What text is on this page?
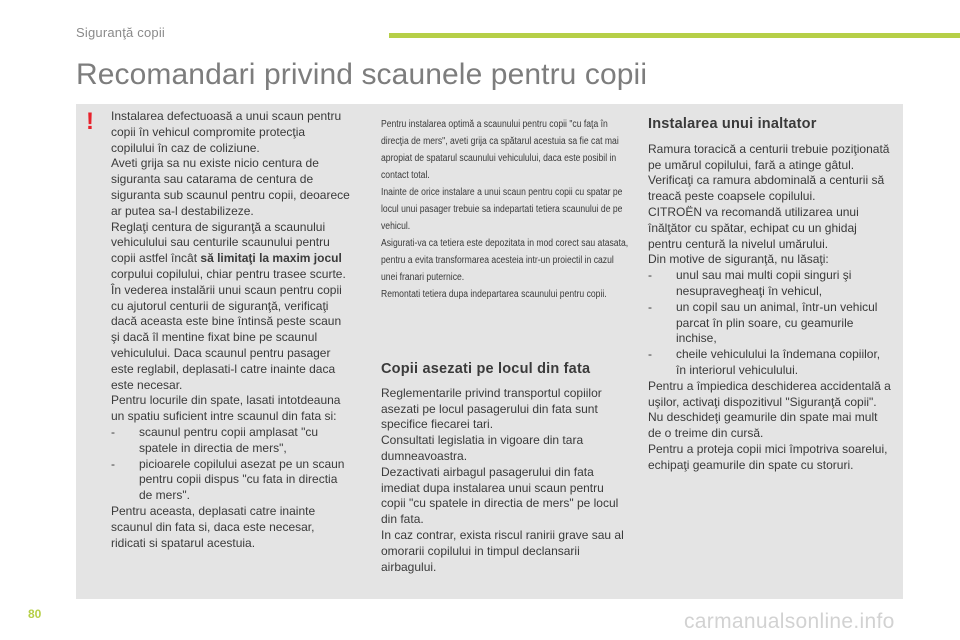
Siguranţă copii
Recomandari privind scaunele pentru copii
! Instalarea defectuoasă a unui scaun pentru copii în vehicul compromite protecţia copilului în caz de coliziune.

Aveti grija sa nu existe nicio centura de siguranta sau catarama de centura de siguranta sub scaunul pentru copii, deoarece ar putea sa-l destabilizeze.

Reglaţi centura de siguranţă a scaunului vehiculului sau centurile scaunului pentru copii astfel încât să limitaţi la maxim jocul corpului copilului, chiar pentru trasee scurte.

În vederea instalării unui scaun pentru copii cu ajutorul centurii de siguranţă, verificaţi dacă aceasta este bine întinsă peste scaun şi dacă îl mentine fixat bine pe scaunul vehiculului. Daca scaunul pentru pasager este reglabil, deplasati-l catre inainte daca este necesar.

Pentru locurile din spate, lasati intotdeauna un spatiu suficient intre scaunul din fata si:

- scaunul pentru copii amplasat "cu spatele in directia de mers",

- picioarele copilului asezat pe un scaun pentru copii dispus "cu fata in directia de mers".

Pentru aceasta, deplasati catre inainte scaunul din fata si, daca este necesar, ridicati si spatarul acestuia.

Pentru instalarea optimă a scaunului pentru copii "cu faţa în direcţia de mers", aveti grija ca spătarul acestuia sa fie cat mai apropiat de spatarul scaunului vehiculului, daca este posibil in contact total.

Inainte de orice instalare a unui scaun pentru copii cu spatar pe locul unui pasager trebuie sa indepartati tetiera scaunului de pe vehicul.

Asigurati-va ca tetiera este depozitata in mod corect sau atasata, pentru a evita transformarea acesteia intr-un proiectil in cazul unei franari puternice.

Remontati tetiera dupa indepartarea scaunului pentru copii.

Copii asezati pe locul din fata

Reglementarile privind transportul copiilor asezati pe locul pasagerului din fata sunt specifice fiecarei tari.

Consultati legislatia in vigoare din tara dumneavoastra.

Dezactivati airbagul pasagerului din fata imediat dupa instalarea unui scaun pentru copii "cu spatele in directia de mers" pe locul din fata.

In caz contrar, exista riscul ranirii grave sau al omorarii copilului in timpul declansarii airbagului.

Instalarea unui inaltator

Ramura toracică a centurii trebuie poziţionată pe umărul copilului, fară a atinge gâtul.

Verificaţi ca ramura abdominală a centurii să treacă peste coapsele copilului.

CITROËN va recomandă utilizarea unui înălţător cu spătar, echipat cu un ghidaj pentru centură la nivelul umărului.

Din motive de siguranţă, nu lăsaţi:

- unul sau mai multi copii singuri şi nesupravegheaţi în vehicul,

- un copil sau un animal, într-un vehicul parcat în plin soare, cu geamurile inchise,

- cheile vehiculului la îndemana copiilor, în interiorul vehiculului.

Pentru a împiedica deschiderea accidentală a uşilor, activaţi dispozitivul "Siguranţă copii".

Nu deschideţi geamurile din spate mai mult de o treime din cursă.

Pentru a proteja copii mici împotriva soarelui, echipaţi geamurile din spate cu storuri.

80	carmanualsonline.info
